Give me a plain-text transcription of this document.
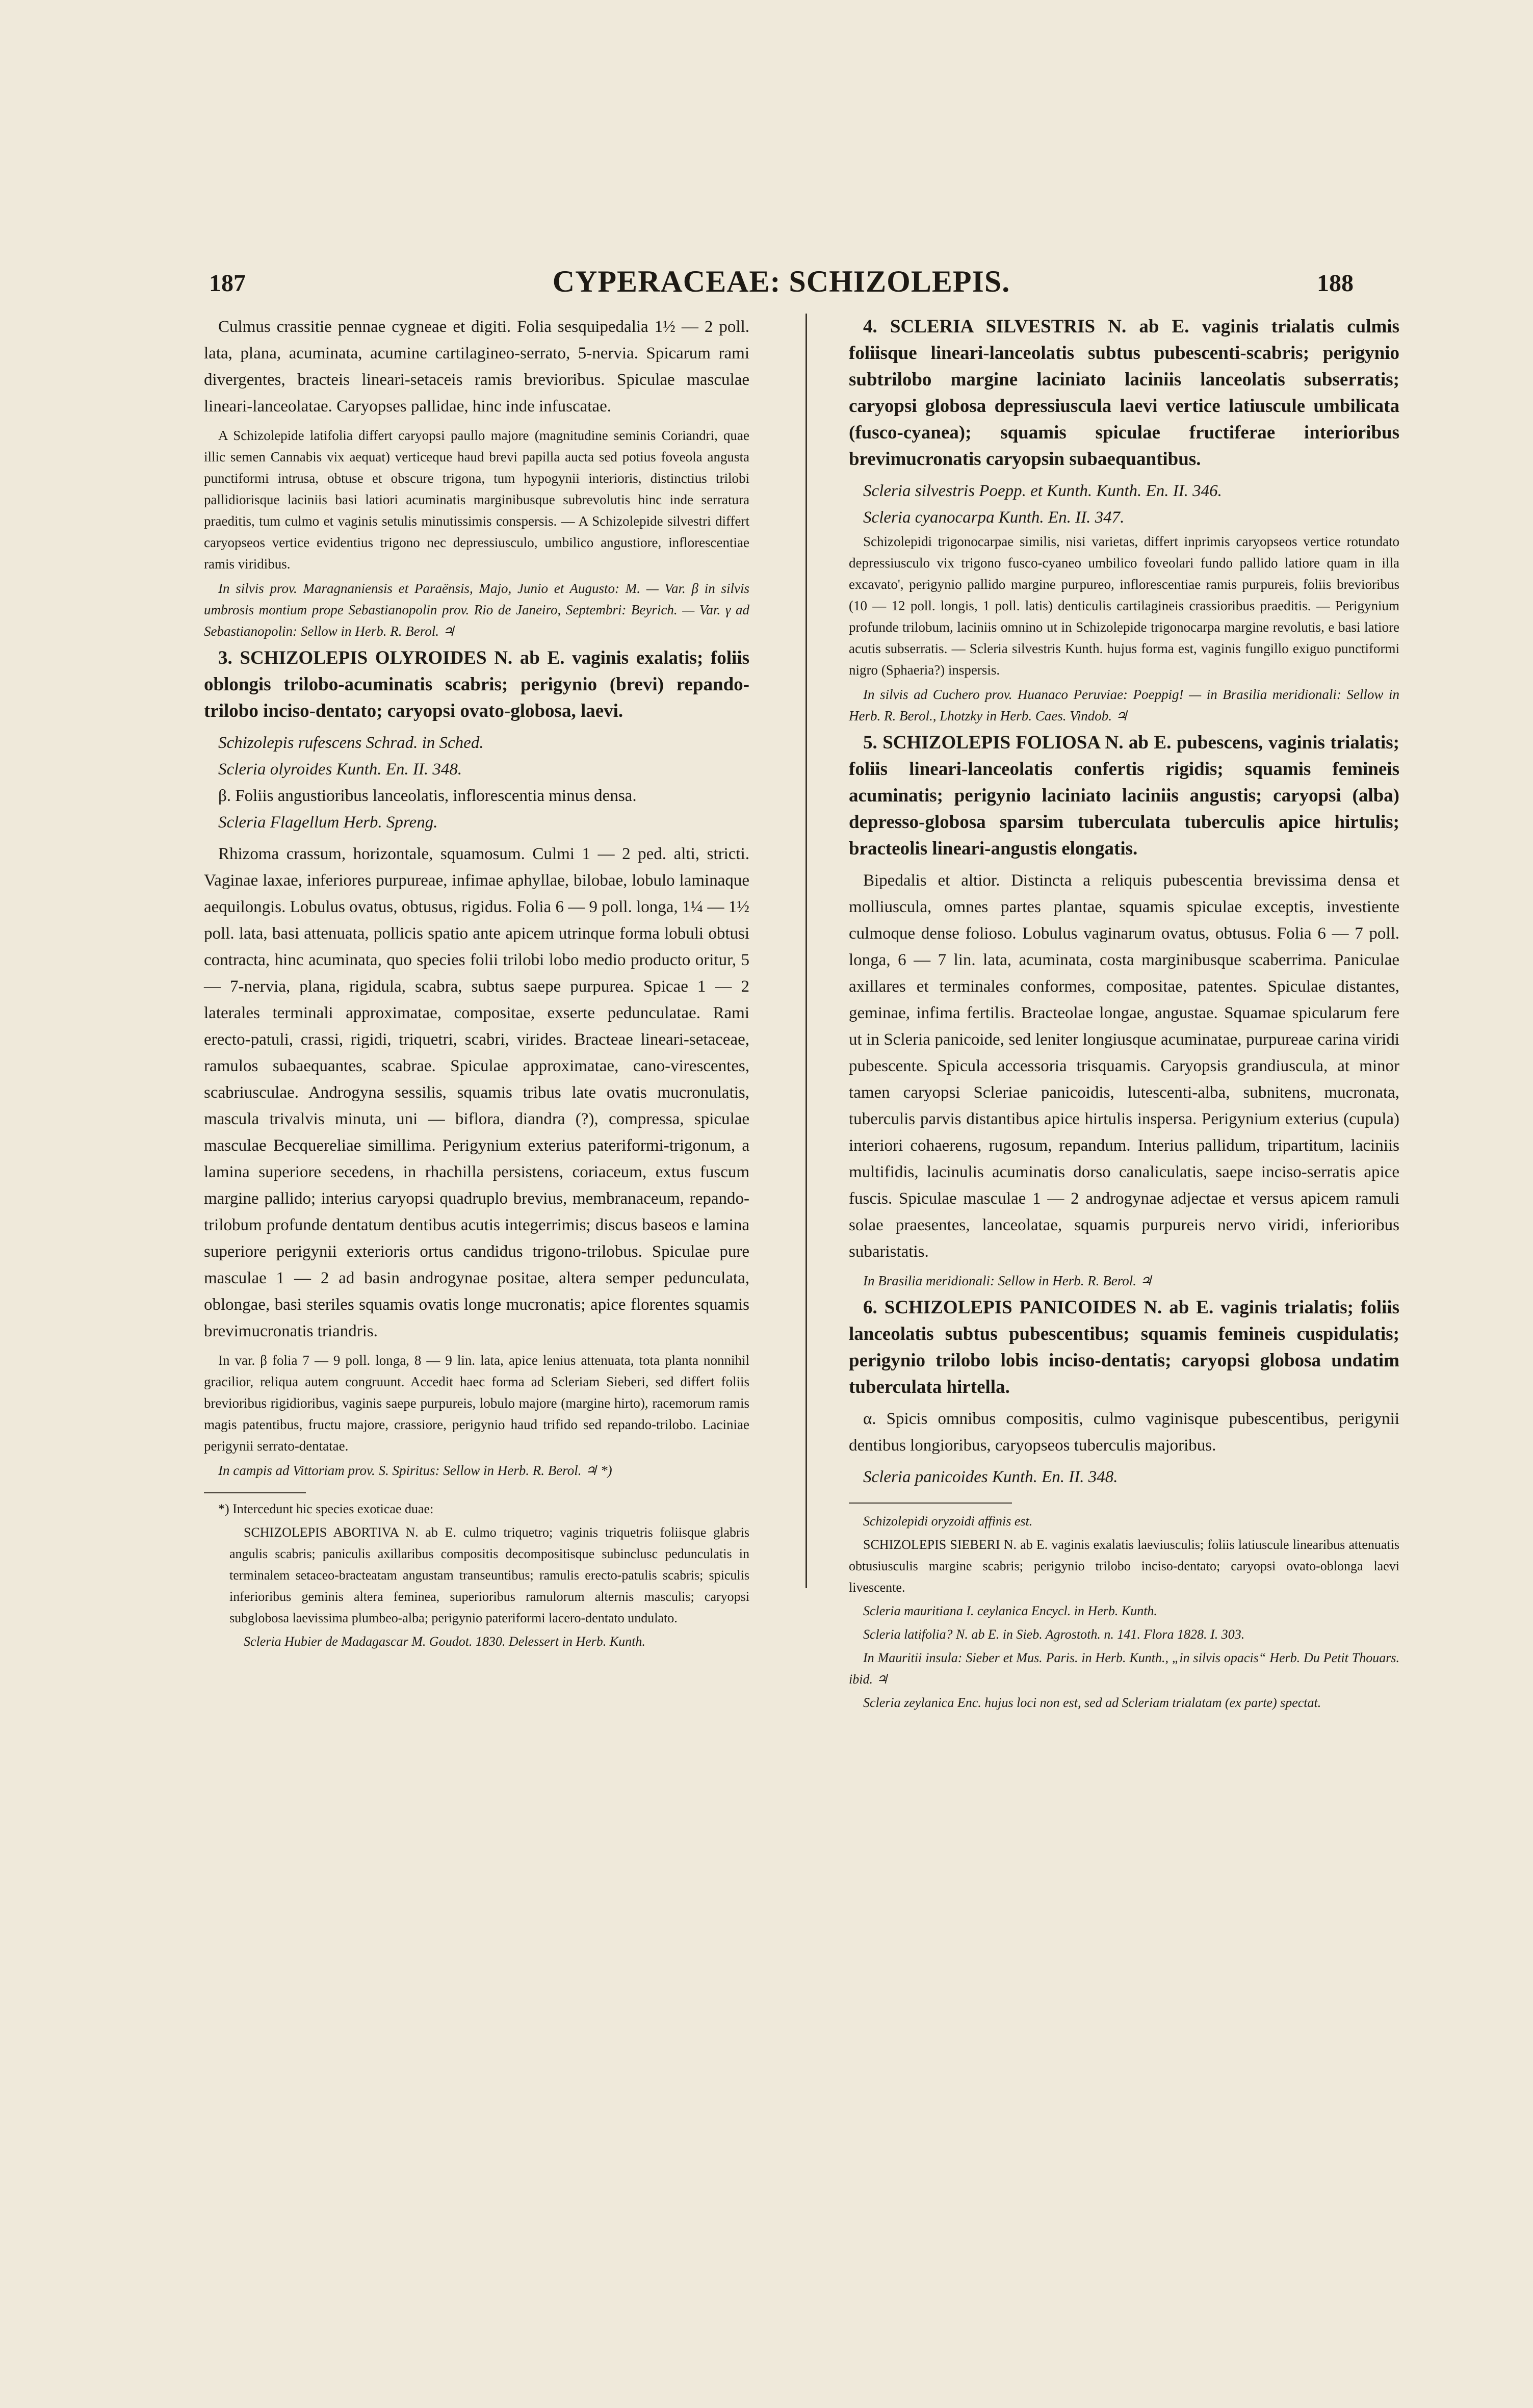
187	CYPERACEAE: SCHIZOLEPIS.	188

Culmus crassitie pennae cygneae et digiti. Folia sesquipedalia 1½ — 2 poll. lata, plana, acuminata, acumine cartilagineo-serrato, 5-nervia. Spicarum rami divergentes, bracteis lineari-setaceis ramis brevioribus. Spiculae masculae lineari-lanceolatae. Caryopses pallidae, hinc inde infuscatae.

A Schizolepide latifolia differt caryopsi paullo majore (magnitudine seminis Coriandri, quae illic semen Cannabis vix aequat) verticeque haud brevi papilla aucta sed potius foveola angusta punctiformi intrusa, obtuse et obscure trigona, tum hypogynii interioris, distinctius trilobi pallidiorisque laciniis basi latiori acuminatis marginibusque subrevolutis hinc inde serratura praeditis, tum culmo et vaginis setulis minutissimis conspersis. — A Schizolepide silvestri differt caryopseos vertice evidentius trigono nec depressiusculo, umbilico angustiore, inflorescentiae ramis viridibus.

In silvis prov. Maragnaniensis et Paraënsis, Majo, Junio et Augusto: M. — Var. β in silvis umbrosis montium prope Sebastianopolin prov. Rio de Janeiro, Septembri: Beyrich. — Var. γ ad Sebastianopolin: Sellow in Herb. R. Berol. ♃

3. SCHIZOLEPIS OLYROIDES N. ab E. vaginis exalatis; foliis oblongis trilobo-acuminatis scabris; perigynio (brevi) repando-trilobo inciso-dentato; caryopsi ovato-globosa, laevi.

Schizolepis rufescens Schrad. in Sched.
Scleria olyroides Kunth. En. II. 348.
β. Foliis angustioribus lanceolatis, inflorescentia minus densa.
Scleria Flagellum Herb. Spreng.

Rhizoma crassum, horizontale, squamosum. Culmi 1 — 2 ped. alti, stricti. Vaginae laxae, inferiores purpureae, infimae aphyllae, bilobae, lobulo laminaque aequilongis. Lobulus ovatus, obtusus, rigidus. Folia 6 — 9 poll. longa, 1¼ — 1½ poll. lata, basi attenuata, pollicis spatio ante apicem utrinque forma lobuli obtusi contracta, hinc acuminata, quo species folii trilobi lobo medio producto oritur, 5 — 7-nervia, plana, rigidula, scabra, subtus saepe purpurea. Spicae 1 — 2 laterales terminali approximatae, compositae, exserte pedunculatae. Rami erecto-patuli, crassi, rigidi, triquetri, scabri, virides. Bracteae lineari-setaceae, ramulos subaequantes, scabrae. Spiculae approximatae, cano-virescentes, scabriusculae. Androgyna sessilis, squamis tribus late ovatis mucronulatis, mascula trivalvis minuta, uni — biflora, diandra (?), compressa, spiculae masculae Becquereliae simillima. Perigynium exterius pateriformi-trigonum, a lamina superiore secedens, in rhachilla persistens, coriaceum, extus fuscum margine pallido; interius caryopsi quadruplo brevius, membranaceum, repando-trilobum profunde dentatum dentibus acutis integerrimis; discus baseos e lamina superiore perigynii exterioris ortus candidus trigono-trilobus. Spiculae pure masculae 1 — 2 ad basin androgynae positae, altera semper pedunculata, oblongae, basi steriles squamis ovatis longe mucronatis; apice florentes squamis brevimucronatis triandris.

In var. β folia 7 — 9 poll. longa, 8 — 9 lin. lata, apice lenius attenuata, tota planta nonnihil gracilior, reliqua autem congruunt. Accedit haec forma ad Scleriam Sieberi, sed differt foliis brevioribus rigidioribus, vaginis saepe purpureis, lobulo majore (margine hirto), racemorum ramis magis patentibus, fructu majore, crassiore, perigynio haud trifido sed repando-trilobo. Laciniae perigynii serrato-dentatae.

In campis ad Vittoriam prov. S. Spiritus: Sellow in Herb. R. Berol. ♃ *)

*) Intercedunt hic species exoticae duae:

SCHIZOLEPIS ABORTIVA N. ab E. culmo triquetro; vaginis triquetris foliisque glabris angulis scabris; paniculis axillaribus compositis decompositisque subinclusc pedunculatis in terminalem setaceo-bracteatam angustam transeuntibus; ramulis erecto-patulis scabris; spiculis inferioribus geminis altera feminea, superioribus ramulorum alternis masculis; caryopsi subglobosa laevissima plumbeo-alba; perigynio pateriformi lacero-dentato undulato.

Scleria Hubier de Madagascar M. Goudot. 1830. Delessert in Herb. Kunth.

4. SCLERIA SILVESTRIS N. ab E. vaginis trialatis culmis foliisque lineari-lanceolatis subtus pubescenti-scabris; perigynio subtrilobo margine laciniato laciniis lanceolatis subserratis; caryopsi globosa depressiuscula laevi vertice latiuscule umbilicata (fusco-cyanea); squamis spiculae fructiferae interioribus brevimucronatis caryopsin subaequantibus.

Scleria silvestris Poepp. et Kunth. Kunth. En. II. 346.
Scleria cyanocarpa Kunth. En. II. 347.

Schizolepidi trigonocarpae similis, nisi varietas, differt inprimis caryopseos vertice rotundato depressiusculo vix trigono fusco-cyaneo umbilico foveolari fundo pallido latiore quam in illa excavato', perigynio pallido margine purpureo, inflorescentiae ramis purpureis, foliis brevioribus (10 — 12 poll. longis, 1 poll. latis) denticulis cartilagineis crassioribus praeditis. — Perigynium profunde trilobum, laciniis omnino ut in Schizolepide trigonocarpa margine revolutis, e basi latiore acutis subserratis. — Scleria silvestris Kunth. hujus forma est, vaginis fungillo exiguo punctiformi nigro (Sphaeria?) inspersis.

In silvis ad Cuchero prov. Huanaco Peruviae: Poeppig! — in Brasilia meridionali: Sellow in Herb. R. Berol., Lhotzky in Herb. Caes. Vindob. ♃

5. SCHIZOLEPIS FOLIOSA N. ab E. pubescens, vaginis trialatis; foliis lineari-lanceolatis confertis rigidis; squamis femineis acuminatis; perigynio laciniato laciniis angustis; caryopsi (alba) depresso-globosa sparsim tuberculata tuberculis apice hirtulis; bracteolis lineari-angustis elongatis.

Bipedalis et altior. Distincta a reliquis pubescentia brevissima densa et molliuscula, omnes partes plantae, squamis spiculae exceptis, investiente culmoque dense folioso. Lobulus vaginarum ovatus, obtusus. Folia 6 — 7 poll. longa, 6 — 7 lin. lata, acuminata, costa marginibusque scaberrima. Paniculae axillares et terminales conformes, compositae, patentes. Spiculae distantes, geminae, infima fertilis. Bracteolae longae, angustae. Squamae spicularum fere ut in Scleria panicoide, sed leniter longiusque acuminatae, purpureae carina viridi pubescente. Spicula accessoria trisquamis. Caryopsis grandiuscula, at minor tamen caryopsi Scleriae panicoidis, lutescenti-alba, subnitens, mucronata, tuberculis parvis distantibus apice hirtulis inspersa. Perigynium exterius (cupula) interiori cohaerens, rugosum, repandum. Interius pallidum, tripartitum, laciniis multifidis, lacinulis acuminatis dorso canaliculatis, saepe inciso-serratis apice fuscis. Spiculae masculae 1 — 2 androgynae adjectae et versus apicem ramuli solae praesentes, lanceolatae, squamis purpureis nervo viridi, inferioribus subaristatis.

In Brasilia meridionali: Sellow in Herb. R. Berol. ♃

6. SCHIZOLEPIS PANICOIDES N. ab E. vaginis trialatis; foliis lanceolatis subtus pubescentibus; squamis femineis cuspidulatis; perigynio trilobo lobis inciso-dentatis; caryopsi globosa undatim tuberculata hirtella.

α. Spicis omnibus compositis, culmo vaginisque pubescentibus, perigynii dentibus longioribus, caryopseos tuberculis majoribus.

Scleria panicoides Kunth. En. II. 348.

Schizolepidi oryzoidi affinis est.

SCHIZOLEPIS SIEBERI N. ab E. vaginis exalatis laeviusculis; foliis latiuscule linearibus attenuatis obtusiusculis margine scabris; perigynio trilobo inciso-dentato; caryopsi ovato-oblonga laevi livescente.

Scleria mauritiana I. ceylanica Encycl. in Herb. Kunth.

Scleria latifolia? N. ab E. in Sieb. Agrostoth. n. 141. Flora 1828. I. 303.

In Mauritii insula: Sieber et Mus. Paris. in Herb. Kunth., „in silvis opacis“ Herb. Du Petit Thouars. ibid. ♃

Scleria zeylanica Enc. hujus loci non est, sed ad Scleriam trialatam (ex parte) spectat.
